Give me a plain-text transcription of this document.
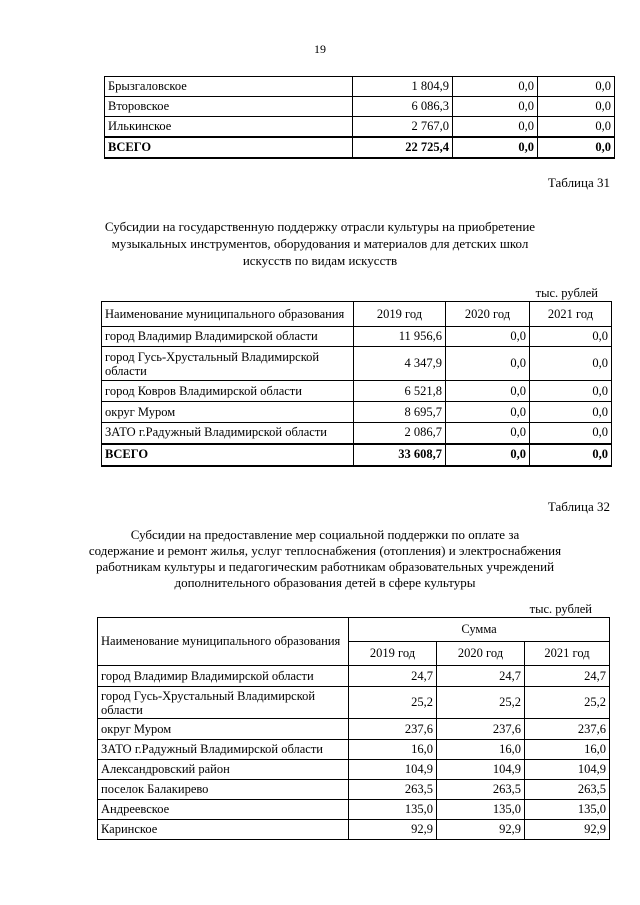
19
Брызгаловское	1 804,9	0,0	0,0
Второвское	6 086,3	0,0	0,0
Илькинское	2 767,0	0,0	0,0
ВСЕГО	22 725,4	0,0	0,0
Таблица 31
Субсидии на государственную поддержку отрасли культуры на приобретение
музыкальных инструментов, оборудования и материалов для детских школ
искусств по видам искусств
тыс. рублей
Наименование муниципального образования	2019 год	2020 год	2021 год
город Владимир Владимирской области	11 956,6	0,0	0,0
город Гусь-Хрустальный Владимирской области	4 347,9	0,0	0,0
город Ковров Владимирской области	6 521,8	0,0	0,0
округ Муром	8 695,7	0,0	0,0
ЗАТО г.Радужный Владимирской области	2 086,7	0,0	0,0
ВСЕГО	33 608,7	0,0	0,0
Таблица 32
Субсидии на предоставление мер социальной поддержки по оплате за
содержание и ремонт жилья, услуг теплоснабжения (отопления) и электроснабжения
работникам культуры и педагогическим работникам образовательных учреждений
дополнительного образования детей в сфере культуры
тыс. рублей
Наименование муниципального образования	Сумма		
	2019 год	2020 год	2021 год
город Владимир Владимирской области	24,7	24,7	24,7
город Гусь-Хрустальный Владимирской области	25,2	25,2	25,2
округ Муром	237,6	237,6	237,6
ЗАТО г.Радужный Владимирской области	16,0	16,0	16,0
Александровский район	104,9	104,9	104,9
поселок Балакирево	263,5	263,5	263,5
Андреевское	135,0	135,0	135,0
Каринское	92,9	92,9	92,9
